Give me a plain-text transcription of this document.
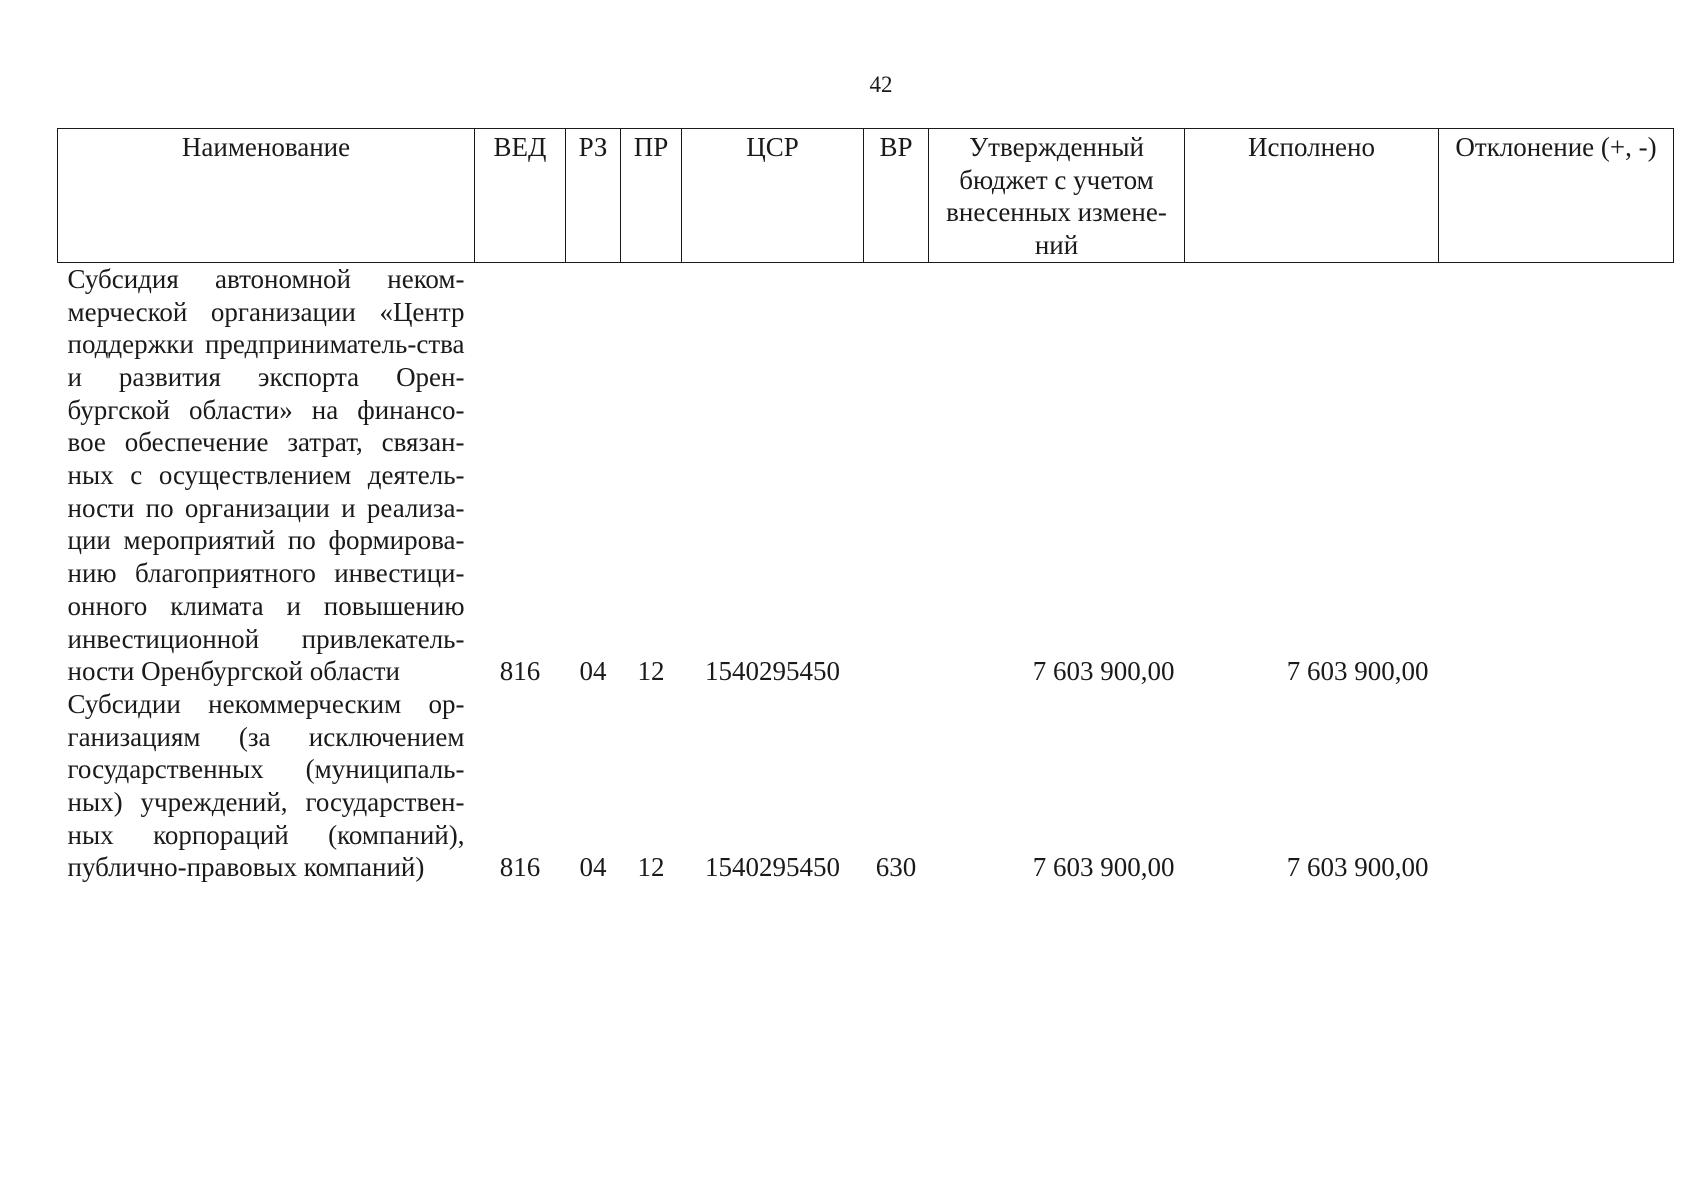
42
Наименование	ВЕД	РЗ	ПР	ЦСР	ВР	Утвержденный бюджет с учетом внесенных измене-ний	Исполнено	Отклонение (+, -)
Субсидия автономной неком-мерческой организации «Центр поддержки предприниматель-ства и развития экспорта Орен-бургской области» на финансо-вое обеспечение затрат, связан-ных с осуществлением деятель-ности по организации и реализа-ции мероприятий по формирова-нию благоприятного инвестици-онного климата и повышению инвестиционной привлекатель-ности Оренбургской области	816	04	12	1540295450		7 603 900,00	7 603 900,00	
Субсидии некоммерческим ор-ганизациям (за исключением государственных (муниципаль-ных) учреждений, государствен-ных корпораций (компаний), публично-правовых компаний)	816	04	12	1540295450	630	7 603 900,00	7 603 900,00	
